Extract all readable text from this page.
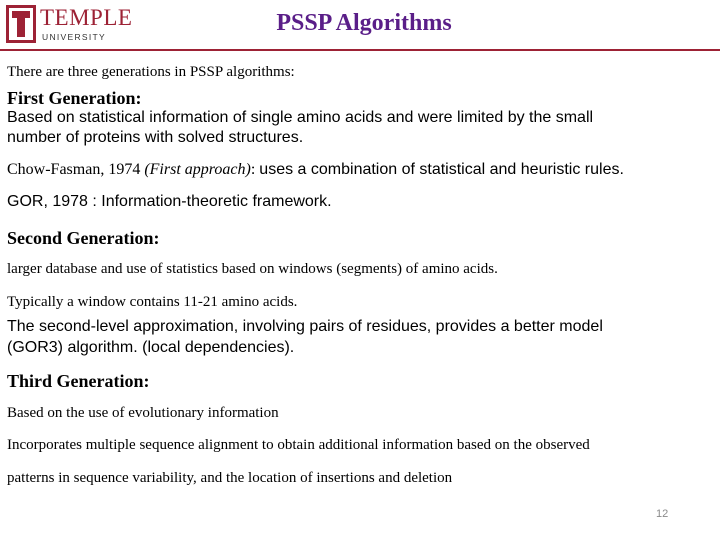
TEMPLE
UNIVERSITY
PSSP Algorithms

There are three generations in PSSP algorithms:

First Generation:

Based on statistical information of single amino acids and were limited by the small

number of proteins with solved structures.

Chow-Fasman, 1974 (First approach): uses a combination of statistical and heuristic rules.

GOR, 1978 : Information-theoretic framework.

Second Generation:

larger database and use of statistics based on windows (segments) of amino acids.

Typically a window contains 11-21 amino acids.

The second-level approximation, involving pairs of residues, provides a better model

(GOR3) algorithm. (local dependencies).

Third Generation:

Based on the use of evolutionary information

Incorporates multiple sequence alignment to obtain additional information based on the observed

patterns in sequence variability, and the location of insertions and deletion

12
